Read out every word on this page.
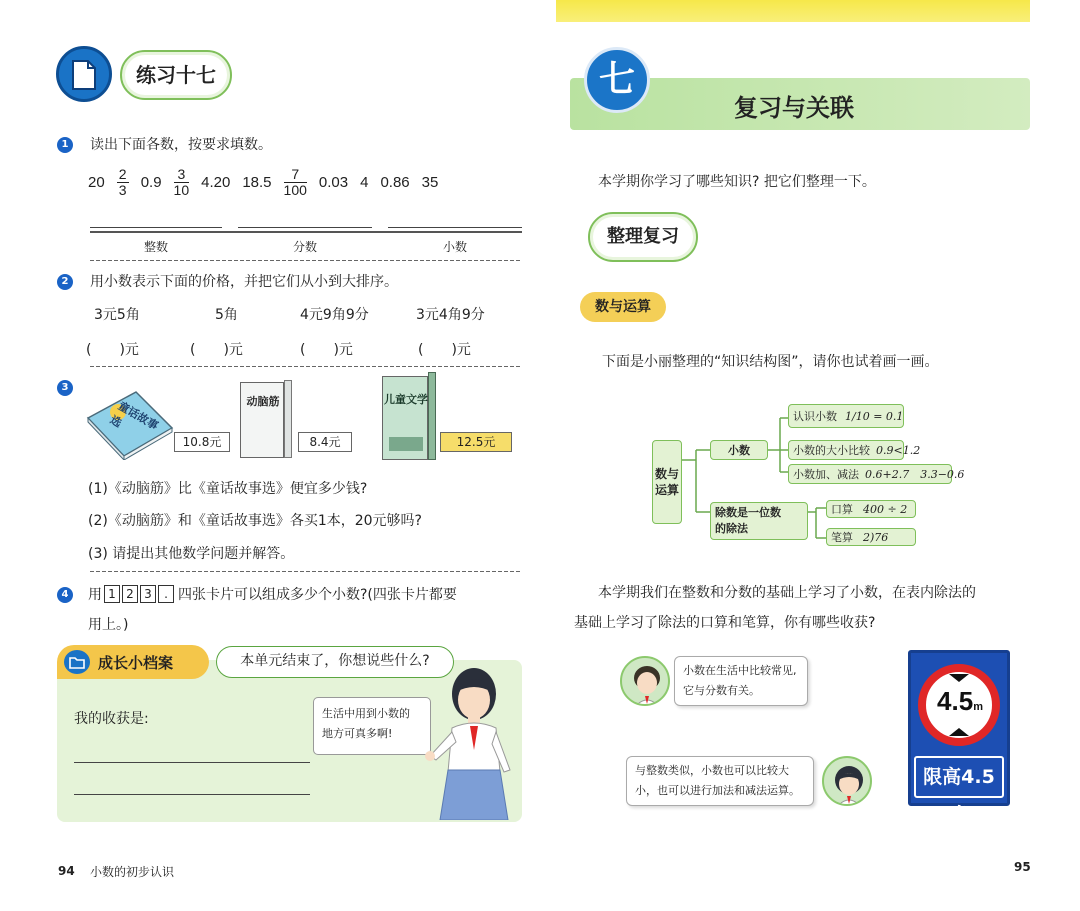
练习十七
1	读出下面各数，按要求填数。
$20 \frac{2}{3} 0.9 \frac{3}{10} 4.20$ $18.5 \frac{7}{100} 0.03$ 4 0.86 35
整数	分数	小数
2	用小数表示下面的价格，并把它们从小到大排序。
3元5角	5角	4元9角9分	3元4角9分
(　　)元	(　　)元	(　　)元	(　　)元
3
童话故事选
10.8元
动脑筋
8.4元
儿童文学
12.5元
(1)《动脑筋》比《童话故事选》便宜多少钱?
(2)《动脑筋》和《童话故事选》各买1本，20元够吗?
(3) 请提出其他数学问题并解答。
4	用 1 2 3 . 四张卡片可以组成多少个小数?(四张卡片都要
用上。)
成长小档案	本单元结束了，你想说些什么?
我的收获是:	生活中用到小数的
地方可真多啊!
94 小数的初步认识
七
复习与关联
本学期你学习了哪些知识? 把它们整理一下。
整理复习
数与运算
下面是小丽整理的“知识结构图”，请你也试着画一画。
数与运算
小数
认识小数 1/10 = 0.1
小数的大小比较 0.9<1.2
小数加、减法 0.6+2.7　3.3−0.6
除数是一位数
的除法
口算 400 ÷ 2
笔算 2)76
本学期我们在整数和分数的基础上学习了小数，在表内除法的
基础上学习了除法的口算和笔算，你有哪些收获?
小数在生活中比较常见,
它与分数有关。
与整数类似，小数也可以比较大
小，也可以进行加法和减法运算。
4.5m
限高4.5米
95
